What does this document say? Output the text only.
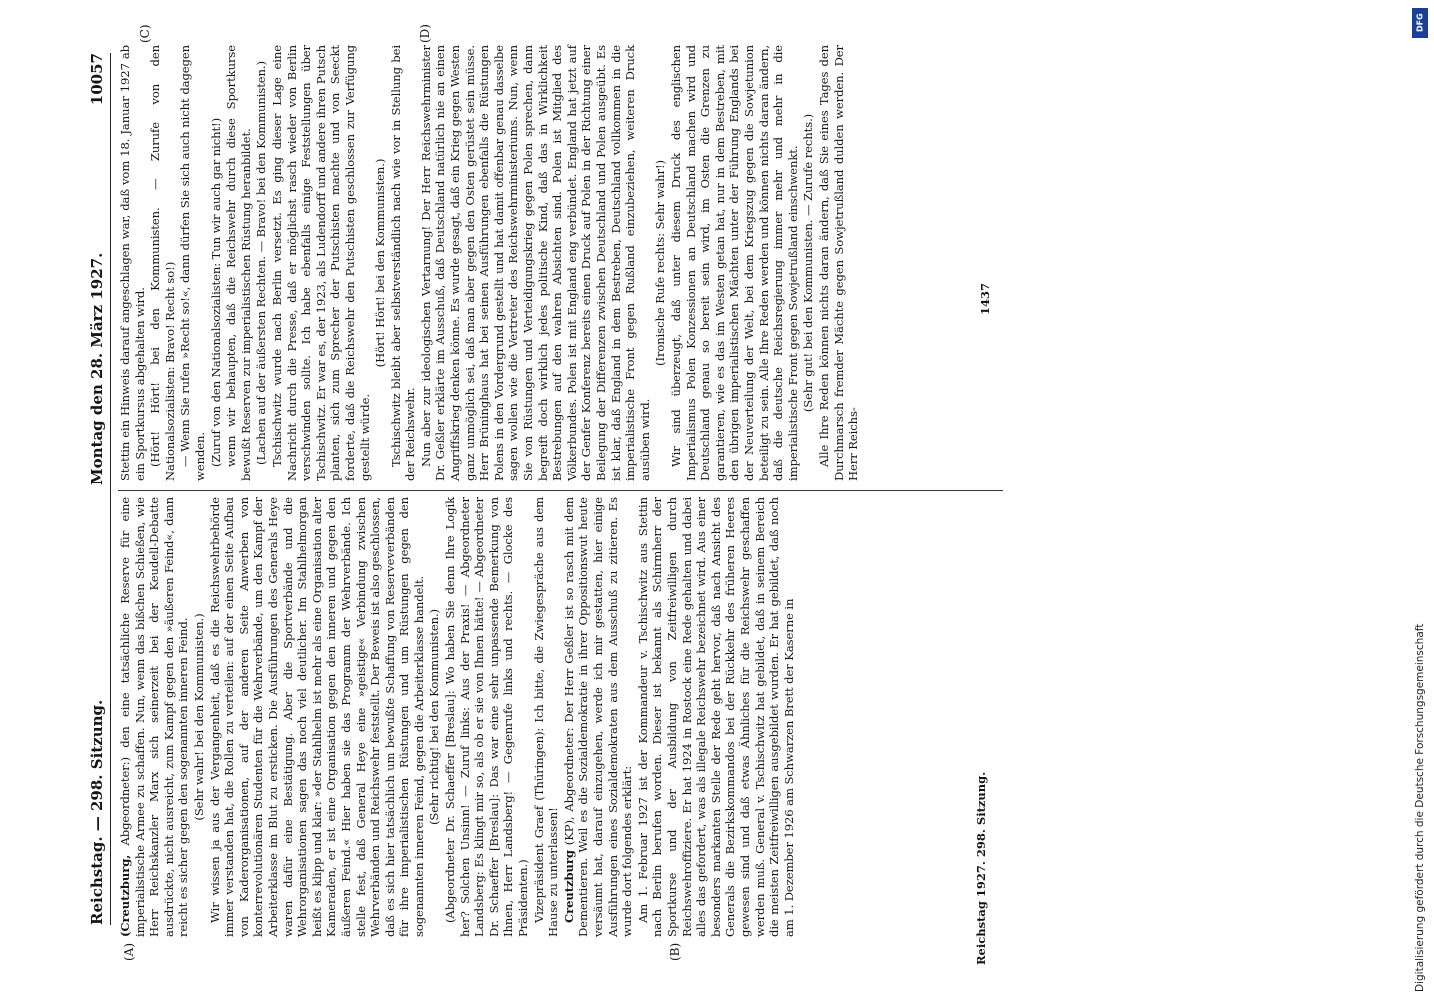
Reichstag. — 298. Sitzung.
Montag den 28. März 1927.
10057
(A)	(B)
(C)	(D)

(Creutzburg, Abgeordneter:) den eine tatsächliche Reserve für eine imperialistische Armee zu schaffen. Nun, wenn das bißchen Schießen, wie Herr Reichskanzler Marx sich seinerzeit bei der Keudell-Debatte ausdrückte, nicht ausreicht, zum Kampf gegen den »äußeren Feind«, dann reicht es sicher gegen den sogenannten inneren Feind. (Sehr wahr! bei den Kommunisten.) Wir wissen ja aus der Vergangenheit, daß es die Reichswehrbehörde immer verstanden hat, die Rollen zu verteilen: auf der einen Seite Aufbau von Kaderorganisationen, auf der anderen Seite Anwerben von konterrevolutionären Studenten für die Wehrverbände, um den Kampf der Arbeiterklasse im Blut zu ersticken. Die Ausführungen des Generals Heye waren dafür eine Bestätigung. Aber die Sportverbände und die Wehrorganisationen sagen das noch viel deutlicher. Im Stahlhelmorgan heißt es klipp und klar: »der Stahlhelm ist mehr als eine Organisation alter Kameraden, er ist eine Organisation gegen den inneren und gegen den äußeren Feind.« Hier haben sie das Programm der Wehrverbände. Ich stelle fest, daß General Heye eine »geistige« Verbindung zwischen Wehrverbänden und Reichswehr feststellt. Der Beweis ist also geschlossen, daß es sich hier tatsächlich um bewußte Schaffung von Reserveverbänden für ihre imperialistischen Rüstungen und um Rüstungen gegen den sogenannten inneren Feind, gegen die Arbeiterklasse handelt. (Sehr richtig! bei den Kommunisten.) (Abgeordneter Dr. Schaeffer [Breslau]: Wo haben Sie denn Ihre Logik her? Solchen Unsinn! — Zuruf links: Aus der Praxis! — Abgeordneter Landsberg: Es klingt mir so, als ob er sie von Ihnen hätte! — Abgeordneter Dr. Schaeffer [Breslau]: Das war eine sehr unpassende Bemerkung von Ihnen, Herr Landsberg! — Gegenrufe links und rechts. — Glocke des Präsidenten.) Vizepräsident Graef (Thüringen): Ich bitte, die Zwiegespräche aus dem Hause zu unterlassen! Creutzburg (KP), Abgeordneter: Der Herr Geßler ist so rasch mit dem Dementieren. Weil es die Sozialdemokratie in ihrer Oppositionswut heute versäumt hat, darauf einzugehen, werde ich mir gestatten, hier einige Ausführungen eines Sozialdemokraten aus dem Ausschuß zu zitieren. Es wurde dort folgendes erklärt: Am 1. Februar 1927 ist der Kommandeur v. Tschischwitz aus Stettin nach Berlin berufen worden. Dieser ist bekannt als Schirmherr der Sportkurse und der Ausbildung von Zeitfreiwilligen durch Reichswehroffiziere. Er hat 1924 in Rostock eine Rede gehalten und dabei alles das gefordert, was als illegale Reichswehr bezeichnet wird. Aus einer besonders markanten Stelle der Rede geht hervor, daß nach Ansicht des Generals die Bezirkskommandos bei der Rückkehr des früheren Heeres gewesen sind und daß etwas Ähnliches für die Reichswehr geschaffen werden muß. General v. Tschischwitz hat gebildet, daß in seinem Bereich die meisten Zeitfreiwilligen ausgebildet wurden. Er hat gebildet, daß noch am 1. Dezember 1926 am Schwarzen Brett der Kaserne in

Stettin ein Hinweis darauf angeschlagen war, daß vom 18. Januar 1927 ab ein Sportkursus abgehalten wird. (Hört! Hört! bei den Kommunisten. — Zurufe von den Nationalsozialisten: Bravo! Recht so!) — Wenn Sie rufen »Recht so!«, dann dürfen Sie sich auch nicht dagegen wenden. (Zuruf von den Nationalsozialisten: Tun wir auch gar nicht!) wenn wir behaupten, daß die Reichswehr durch diese Sportkurse bewußt Reserven zur imperialistischen Rüstung heranbildet. (Lachen auf der äußersten Rechten. — Bravo! bei den Kommunisten.) Tschischwitz wurde nach Berlin versetzt. Es ging dieser Lage eine Nachricht durch die Presse, daß er möglichst rasch wieder von Berlin verschwinden sollte. Ich habe ebenfalls einige Feststellungen über Tschischwitz. Er war es, der 1923, als Ludendorff und andere ihren Putsch planten, sich zum Sprecher der Putschisten machte und von Seeckt forderte, daß die Reichswehr den Putschisten geschlossen zur Verfügung gestellt würde.

(Hört! Hört! bei den Kommunisten.) Tschischwitz bleibt aber selbstverständlich nach wie vor in Stellung bei der Reichswehr. Nun aber zur ideologischen Vertarnung! Der Herr Reichswehrminister Dr. Geßler erklärte im Ausschuß, daß Deutschland natürlich nie an einen Angriffskrieg denken könne. Es wurde gesagt, daß ein Krieg gegen Westen ganz unmöglich sei, daß man aber gegen den Osten gerüstet sein müsse. Herr Brüninghaus hat bei seinen Ausführungen ebenfalls die Rüstungen Polens in den Vordergrund gestellt und hat damit offenbar genau dasselbe sagen wollen wie die Vertreter des Reichswehrministeriums. Nun, wenn Sie von Rüstungen und Verteidigungskrieg gegen Polen sprechen, dann begreift doch wirklich jedes politische Kind, daß das in Wirklichkeit Bestrebungen auf den wahren Absichten sind. Polen ist Mitglied des Völkerbundes. Polen ist mit England eng verbündet. England hat jetzt auf der Genfer Konferenz bereits einen Druck auf Polen in der Richtung einer Beilegung der Differenzen zwischen Deutschland und Polen ausgeübt. Es ist klar, daß England in dem Bestreben, Deutschland vollkommen in die imperialistische Front gegen Rußland einzubeziehen, weiteren Druck ausüben wird.

(Ironische Rufe rechts: Sehr wahr!) Wir sind überzeugt, daß unter diesem Druck des englischen Imperialismus Polen Konzessionen an Deutschland machen wird und Deutschland genau so bereit sein wird, im Osten die Grenzen zu garantieren, wie es das im Westen getan hat, nur in dem Bestreben, mit den übrigen imperialistischen Mächten unter der Führung Englands bei der Neuverteilung der Welt, bei dem Kriegszug gegen die Sowjetunion beteiligt zu sein. Alle Ihre Reden werden und können nichts daran ändern, daß die deutsche Reichsregierung immer mehr und mehr in die imperialistische Front gegen Sowjetrußland einschwenkt. (Sehr gut! bei den Kommunisten. — Zurufe rechts.) Alle Ihre Reden können nichts daran ändern, daß Sie eines Tages den Durchmarsch fremder Mächte gegen Sowjetrußland dulden werden. Der Herr Reichs-

Reichstag 1927. 298. Sitzung.
1437
Digitalisierung gefördert durch die Deutsche Forschungsgemeinschaft
DFG
